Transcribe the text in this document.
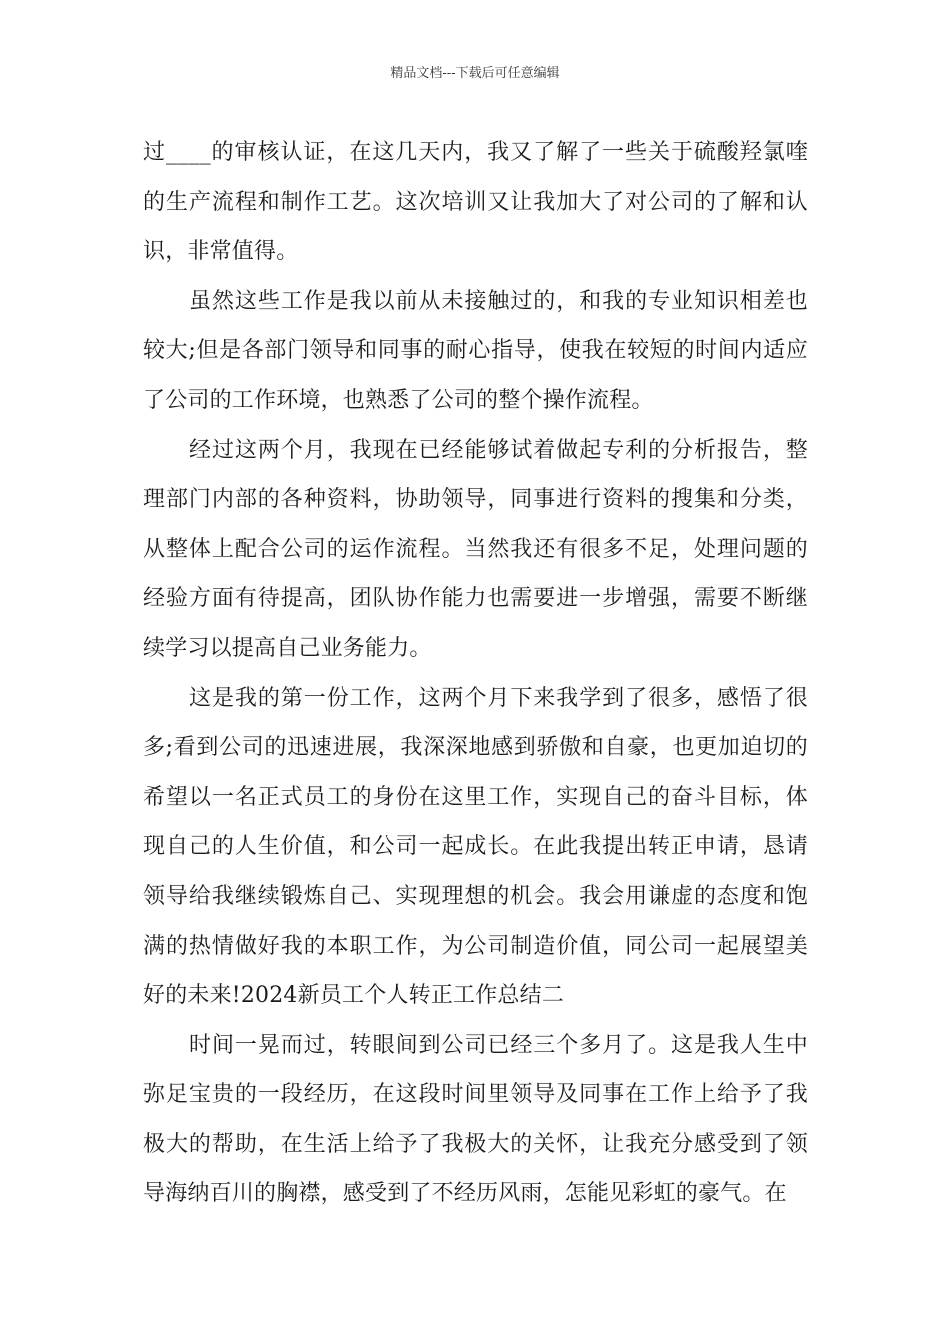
精品文档---下载后可任意编辑

过____的审核认证，在这几天内，我又了解了一些关于硫酸羟氯喹的生产流程和制作工艺。这次培训又让我加大了对公司的了解和认识，非常值得。

虽然这些工作是我以前从未接触过的，和我的专业知识相差也较大;但是各部门领导和同事的耐心指导，使我在较短的时间内适应了公司的工作环境，也熟悉了公司的整个操作流程。

经过这两个月，我现在已经能够试着做起专利的分析报告，整理部门内部的各种资料，协助领导，同事进行资料的搜集和分类，从整体上配合公司的运作流程。当然我还有很多不足，处理问题的经验方面有待提高，团队协作能力也需要进一步增强，需要不断继续学习以提高自己业务能力。

这是我的第一份工作，这两个月下来我学到了很多，感悟了很多;看到公司的迅速进展，我深深地感到骄傲和自豪，也更加迫切的希望以一名正式员工的身份在这里工作，实现自己的奋斗目标，体现自己的人生价值，和公司一起成长。在此我提出转正申请，恳请领导给我继续锻炼自己、实现理想的机会。我会用谦虚的态度和饱满的热情做好我的本职工作，为公司制造价值，同公司一起展望美好的未来!2024新员工个人转正工作总结二

时间一晃而过，转眼间到公司已经三个多月了。这是我人生中弥足宝贵的一段经历，在这段时间里领导及同事在工作上给予了我极大的帮助，在生活上给予了我极大的关怀，让我充分感受到了领导海纳百川的胸襟，感受到了不经历风雨，怎能见彩虹的豪气。在
